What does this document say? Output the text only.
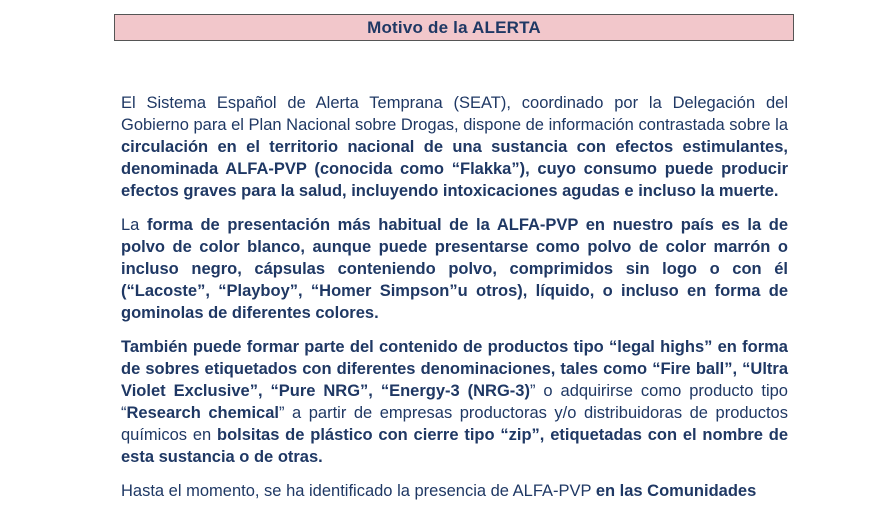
Motivo de la ALERTA

El Sistema Español de Alerta Temprana (SEAT), coordinado por la Delegación del Gobierno para el Plan Nacional sobre Drogas, dispone de información contrastada sobre la circulación en el territorio nacional de una sustancia con efectos estimulantes, denominada ALFA-PVP (conocida como “Flakka”), cuyo consumo puede producir efectos graves para la salud, incluyendo intoxicaciones agudas e incluso la muerte.

La forma de presentación más habitual de la ALFA-PVP en nuestro país es la de polvo de color blanco, aunque puede presentarse como polvo de color marrón o incluso negro, cápsulas conteniendo polvo, comprimidos sin logo o con él (“Lacoste”, “Playboy”, “Homer Simpson”u otros), líquido, o incluso en forma de gominolas de diferentes colores.

También puede formar parte del contenido de productos tipo “legal highs” en forma de sobres etiquetados con diferentes denominaciones, tales como “Fire ball”, “Ultra Violet Exclusive”, “Pure NRG”, “Energy-3 (NRG-3)” o adquirirse como producto tipo “Research chemical” a partir de empresas productoras y/o distribuidoras de productos químicos en bolsitas de plástico con cierre tipo “zip”, etiquetadas con el nombre de esta sustancia o de otras.

Hasta el momento, se ha identificado la presencia de ALFA-PVP en las Comunidades
